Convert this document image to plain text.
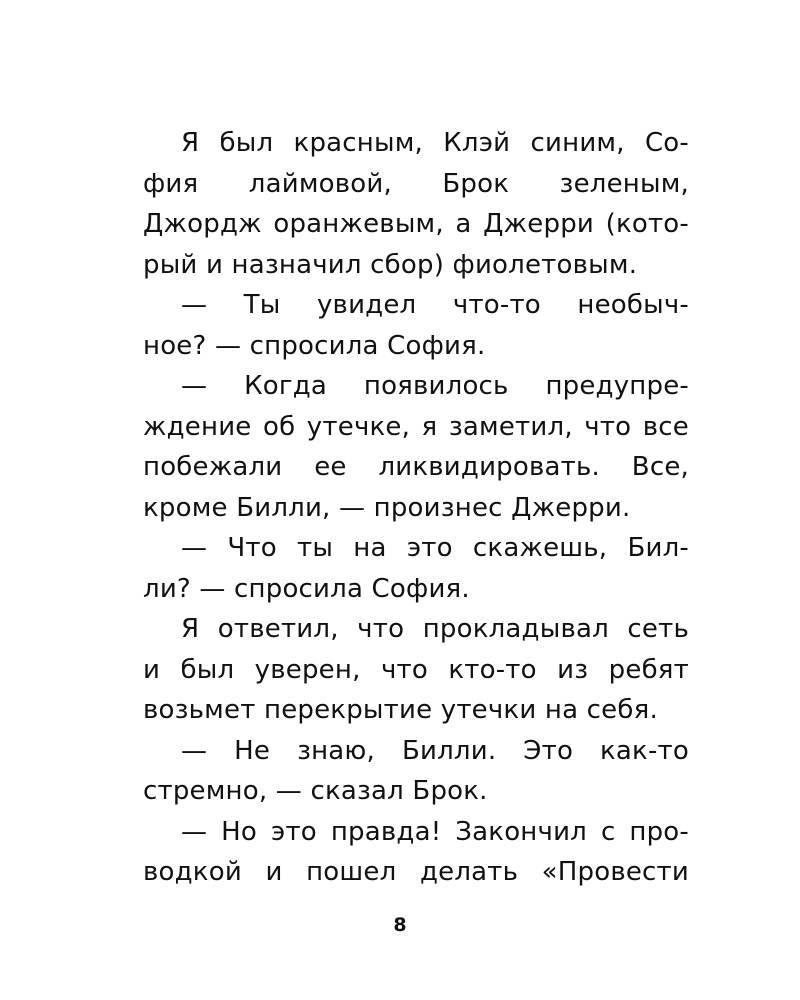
Я был красным, Клэй синим, Со-
фия лаймовой, Брок зеленым,
Джордж оранжевым, а Джерри (кото-
рый и назначил сбор) фиолетовым.
— Ты увидел что-то необыч-
ное? — спросила София.
— Когда появилось предупре-
ждение об утечке, я заметил, что все
побежали ее ликвидировать. Все,
кроме Билли, — произнес Джерри.
— Что ты на это скажешь, Бил-
ли? — спросила София.
Я ответил, что прокладывал сеть
и был уверен, что кто-то из ребят
возьмет перекрытие утечки на себя.
— Не знаю, Билли. Это как-то
стремно, — сказал Брок.
— Но это правда! Закончил с про-
водкой и пошел делать «Провести
8
